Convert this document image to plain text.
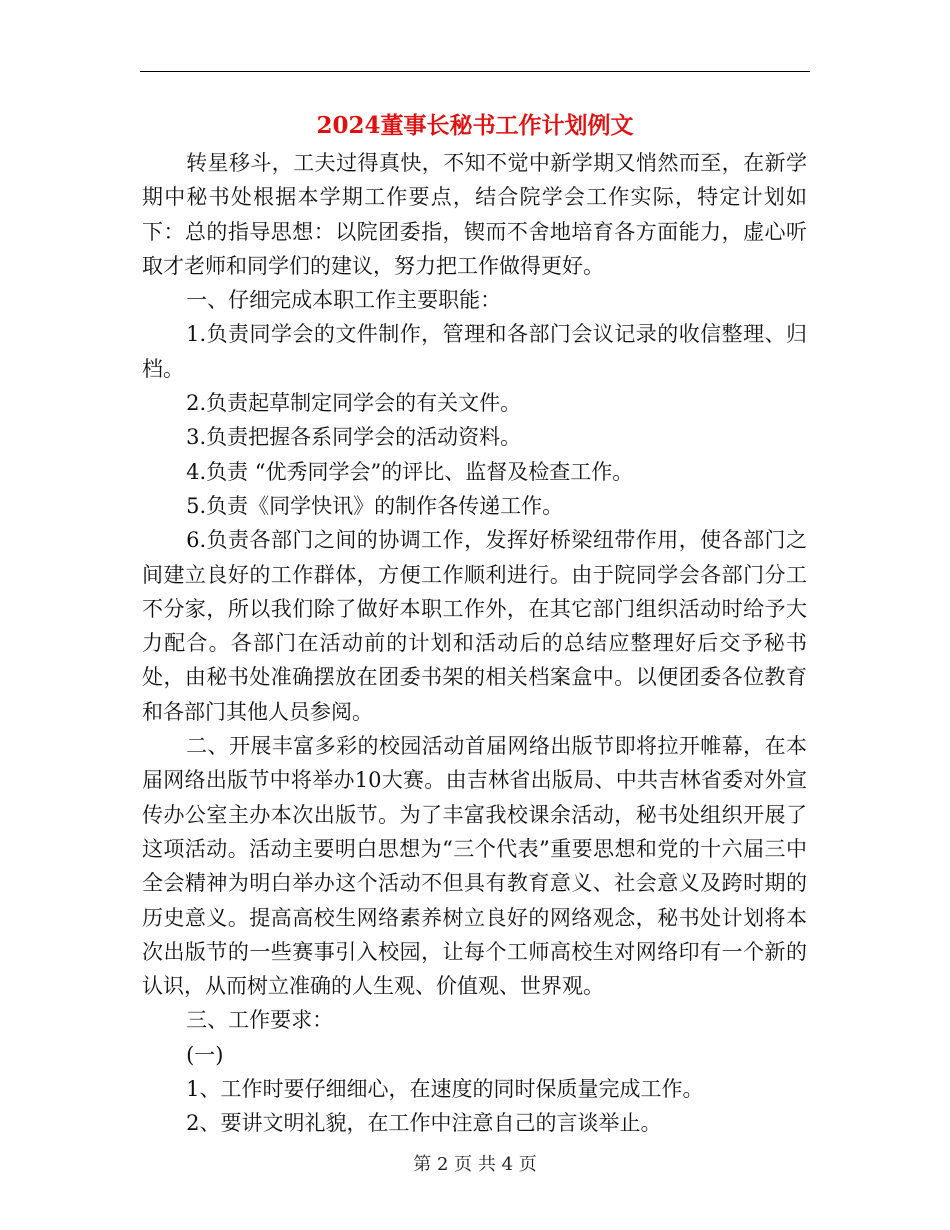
2024董事长秘书工作计划例文

转星移斗，工夫过得真快，不知不觉中新学期又悄然而至，在新学期中秘书处根据本学期工作要点，结合院学会工作实际，特定计划如下：总的指导思想：以院团委指，锲而不舍地培育各方面能力，虚心听取才老师和同学们的建议，努力把工作做得更好。

一、仔细完成本职工作主要职能：

1.负责同学会的文件制作，管理和各部门会议记录的收信整理、归档。

2.负责起草制定同学会的有关文件。

3.负责把握各系同学会的活动资料。

4.负责 “优秀同学会”的评比、监督及检查工作。

5.负责《同学快讯》的制作各传递工作。

6.负责各部门之间的协调工作，发挥好桥梁纽带作用，使各部门之间建立良好的工作群体，方便工作顺利进行。由于院同学会各部门分工不分家，所以我们除了做好本职工作外，在其它部门组织活动时给予大力配合。各部门在活动前的计划和活动后的总结应整理好后交予秘书处，由秘书处准确摆放在团委书架的相关档案盒中。以便团委各位教育和各部门其他人员参阅。

二、开展丰富多彩的校园活动首届网络出版节即将拉开帷幕，在本届网络出版节中将举办10大赛。由吉林省出版局、中共吉林省委对外宣传办公室主办本次出版节。为了丰富我校课余活动，秘书处组织开展了这项活动。活动主要明白思想为“三个代表”重要思想和党的十六届三中全会精神为明白举办这个活动不但具有教育意义、社会意义及跨时期的历史意义。提高高校生网络素养树立良好的网络观念，秘书处计划将本次出版节的一些赛事引入校园，让每个工师高校生对网络印有一个新的认识，从而树立准确的人生观、价值观、世界观。

三、工作要求：

(一)

1、工作时要仔细细心，在速度的同时保质量完成工作。

2、要讲文明礼貌，在工作中注意自己的言谈举止。

第 2 页 共 4 页
